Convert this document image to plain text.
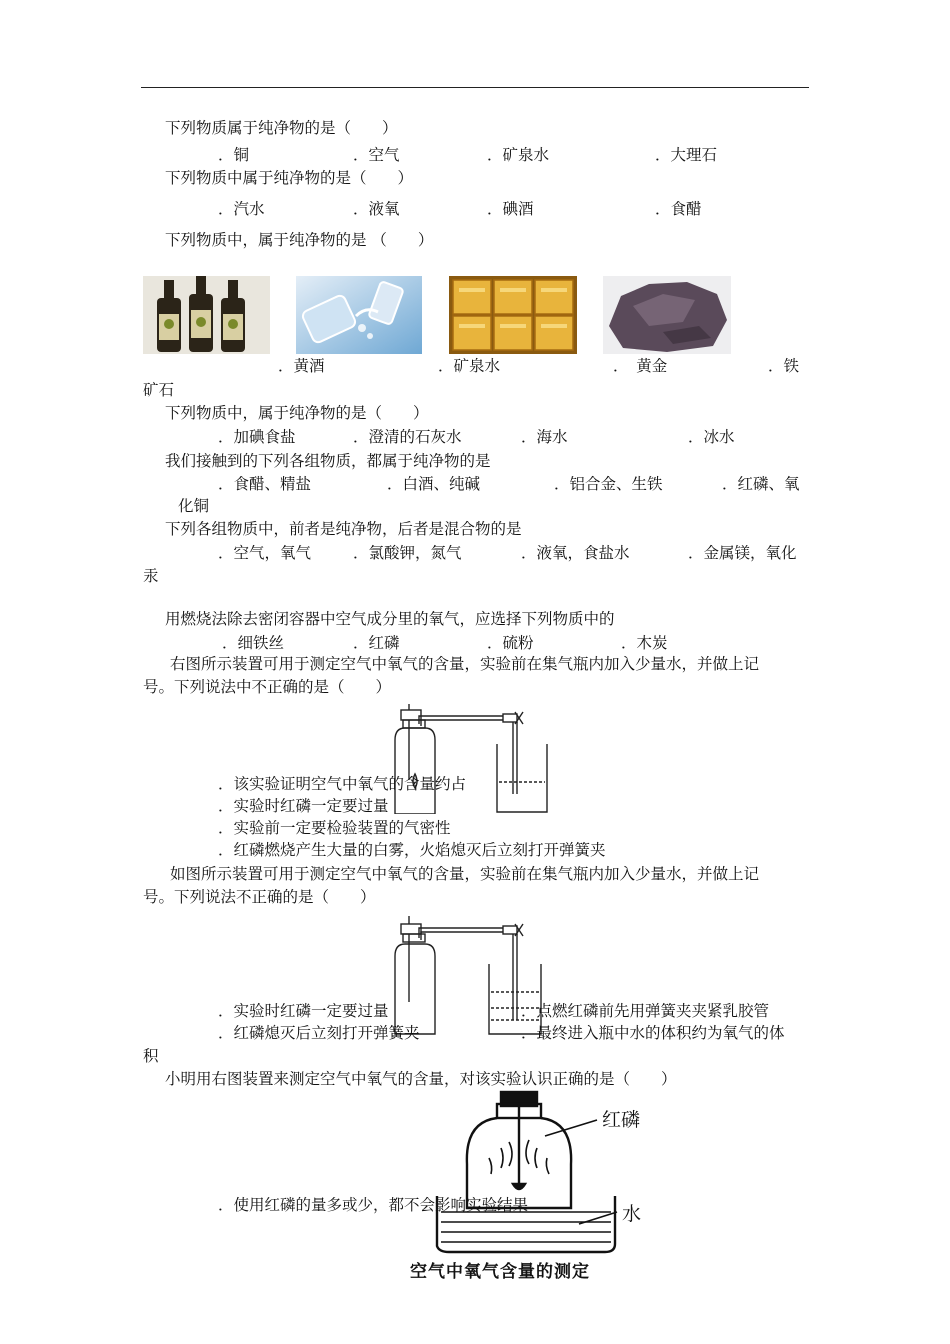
下列物质属于纯净物的是（　　）
．铜	．空气	．矿泉水	．大理石
下列物质中属于纯净物的是（　　）
．汽水	．液氧	．碘酒	．食醋
下列物质中，属于纯净物的是 （　　）
．黄酒	．矿泉水	．　黄金	．铁
矿石
下列物质中，属于纯净物的是（　　）
．加碘食盐	．澄清的石灰水	．海水	．冰水
我们接触到的下列各组物质，都属于纯净物的是
．食醋、精盐	．白酒、纯碱	．铝合金、生铁	．红磷、氧
化铜
下列各组物质中，前者是纯净物，后者是混合物的是
．空气，氧气	．氯酸钾，氮气	．液氧，食盐水	．金属镁，氧化
汞
用燃烧法除去密闭容器中空气成分里的氧气，应选择下列物质中的
．细铁丝	．红磷	．硫粉	．木炭
右图所示装置可用于测定空气中氧气的含量，实验前在集气瓶内加入少量水，并做上记
号。下列说法中不正确的是（　　）
．该实验证明空气中氧气的含量约占
．实验时红磷一定要过量
．实验前一定要检验装置的气密性
．红磷燃烧产生大量的白雾，火焰熄灭后立刻打开弹簧夹
如图所示装置可用于测定空气中氧气的含量，实验前在集气瓶内加入少量水，并做上记
号。下列说法不正确的是（　　）
．实验时红磷一定要过量	．点燃红磷前先用弹簧夹夹紧乳胶管
．红磷熄灭后立刻打开弹簧夹	．最终进入瓶中水的体积约为氧气的体
积
小明用右图装置来测定空气中氧气的含量，对该实验认识正确的是（　　）
红磷
水
空气中氧气含量的测定
．使用红磷的量多或少，都不会影响实验结果
